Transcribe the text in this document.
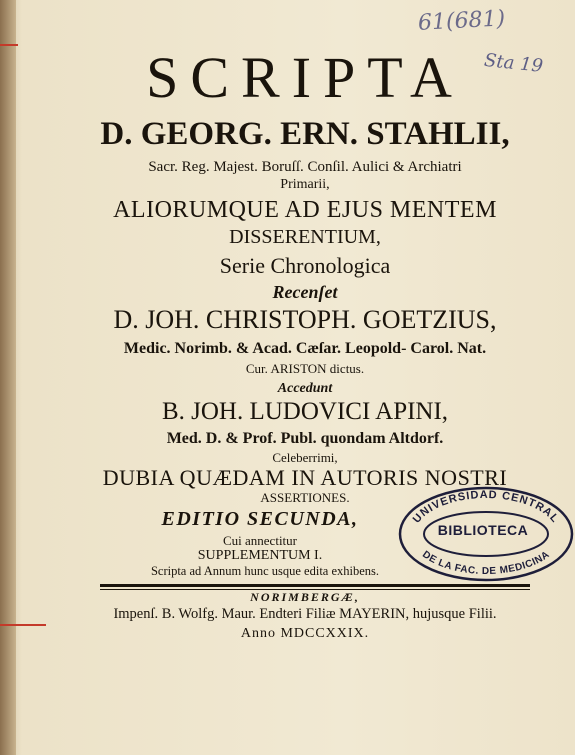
61(681)
Sta 19
SCRIPTA
D. GEORG. ERN. STAHLII,
Sacr. Reg. Majest. Boruſſ. Conſil. Aulici & Archiatri
Primarii,
ALIORUMQUE AD EJUS MENTEM
DISSERENTIUM,
Serie Chronologica
Recenſet
D. JOH. CHRISTOPH. GOETZIUS,
Medic. Norimb. & Acad. Cæſar. Leopold- Carol. Nat.
Cur. ARISTON dictus.
Accedunt
B. JOH. LUDOVICI APINI,
Med. D. & Prof. Publ. quondam Altdorf.
Celeberrimi,
DUBIA QUÆDAM IN AUTORIS NOSTRI
ASSERTIONES.
EDITIO SECUNDA,
Cui annectitur
SUPPLEMENTUM I.
Scripta ad Annum hunc usque edita exhibens.
NORIMBERGÆ,
Impenſ. B. Wolfg. Maur. Endteri Filiæ MAYERIN, hujusque Filii.
Anno MDCCXXIX.
UNIVERSIDAD CENTRAL
DE LA FAC. DE MEDICINA
BIBLIOTECA
